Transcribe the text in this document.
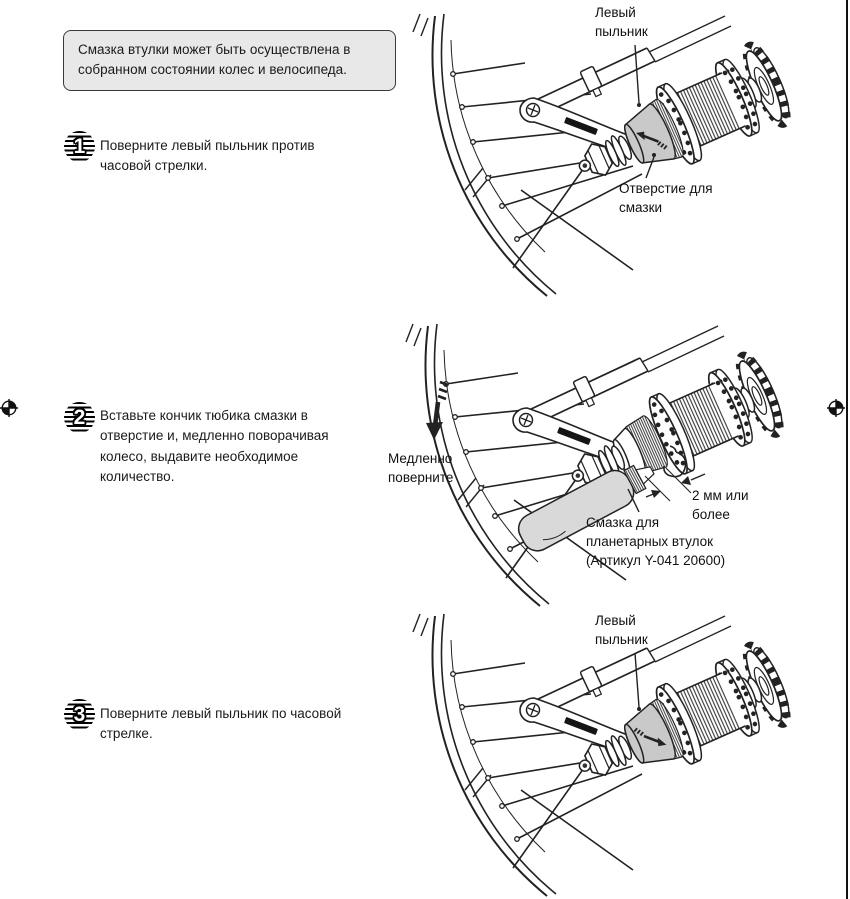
Смазка втулки может быть осуществлена в собранном состоянии колес и велосипеда.
1 Поверните левый пыльник против часовой стрелки.
2 Вставьте кончик тюбика смазки в отверстие и, медленно поворачивая колесо, выдавите необходимое количество.
3 Поверните левый пыльник по часовой стрелке.
Левый пыльник
Отверстие для смазки
Медленно поверните
2 мм или более
Смазка для планетарных втулок (Артикул Y-041 20600)
Левый пыльник
